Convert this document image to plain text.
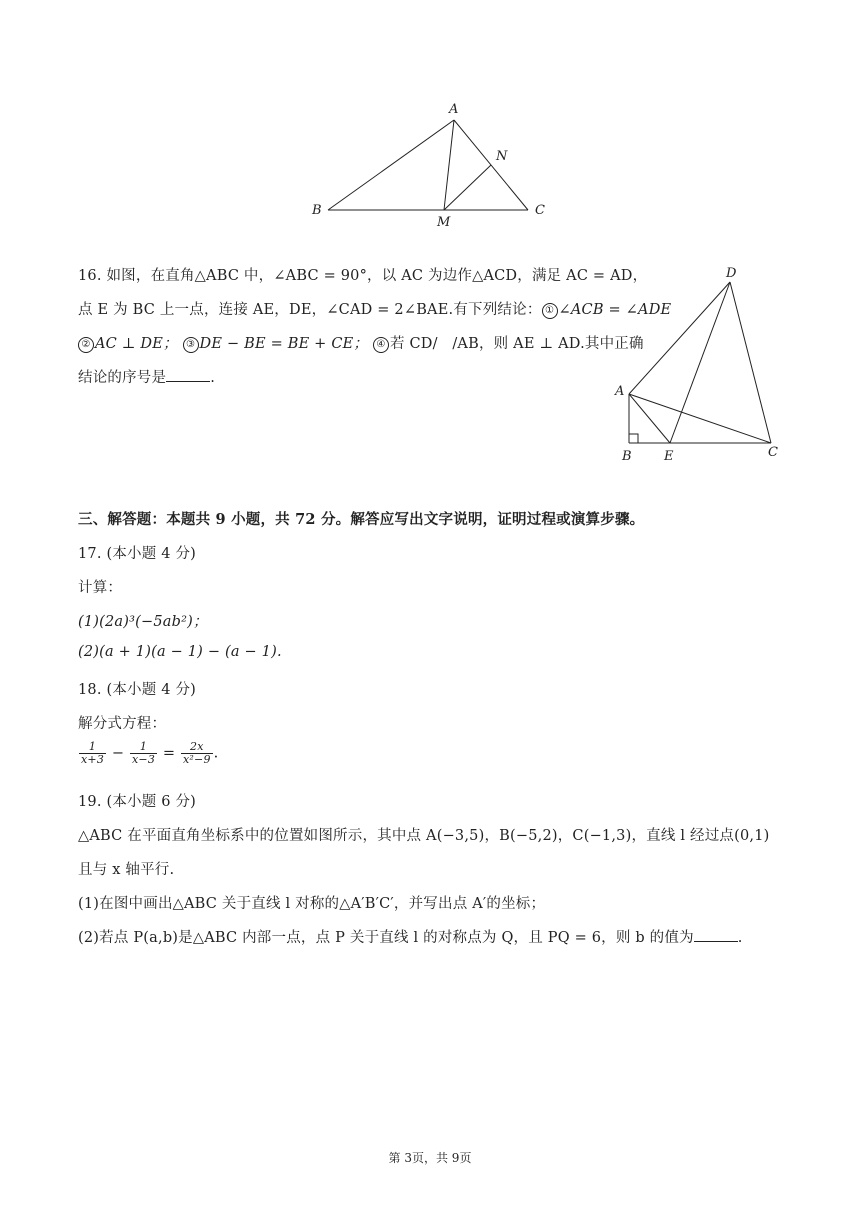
A
B	C
M
N
16. 如图，在直角△ABC 中，∠ABC = 90°，以 AC 为边作△ACD，满足 AC = AD，
点 E 为 BC 上一点，连接 AE，DE，∠CAD = 2∠BAE.有下列结论： ① ∠ACB = ∠ADE
② AC ⊥ DE； ③ DE − BE = BE + CE； ④ 若 CD/　/AB，则 AE ⊥ AD.其中正确
结论的序号是	.
D
A
B E	C
三、解答题：本题共 9 小题，共 72 分。解答应写出文字说明，证明过程或演算步骤。
17. (本小题 4 分)
计算：
(1)(2a)³(−5ab²)；
(2)(a + 1)(a − 1) − (a − 1).
18. (本小题 4 分)
解分式方程：
$\frac{1}{x+3} - \frac{1}{x-3} = \frac{2x}{\text{x²−9}}$ .
19. (本小题 6 分)
△ABC 在平面直角坐标系中的位置如图所示，其中点 A(−3,5)，B(−5,2)，C(−1,3)，直线 l 经过点(0,1)
且与 x 轴平行.
(1)在图中画出△ABC 关于直线 l 对称的△A′B′C′，并写出点 A′的坐标；
(2)若点 P(a,b)是△ABC 内部一点，点 P 关于直线 l 的对称点为 Q，且 PQ = 6，则 b 的值为	.
第 3页，共 9页
